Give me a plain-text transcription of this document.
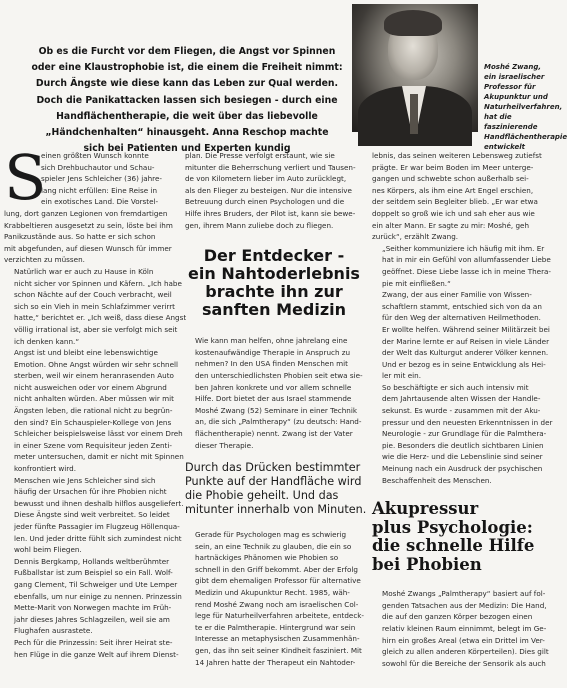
Moshé Zwang, ein israelischer Professor für Akupunktur und Naturheilverfahren, hat die faszinierende Handflächentherapie entwickelt
Ob es die Furcht vor dem Fliegen, die Angst vor Spinnen
oder eine Klaustrophobie ist, die einem die Freiheit nimmt:
Durch Ängste wie diese kann das Leben zur Qual werden.
Doch die Panikattacken lassen sich besiegen - durch eine
Handflächentherapie, die weit über das liebevolle
„Händchenhalten“ hinausgeht. Anna Reschop machte
sich bei Patienten und Experten kundig
S

einen größten Wunsch konnte
sich Drehbuchautor und Schau-
spieler Jens Schleicher (36) jahre-
lang nicht erfüllen: Eine Reise in
ein exotisches Land. Die Vorstel-
lung, dort ganzen Legionen von fremdartigen
Krabbeltieren ausgesetzt zu sein, löste bei ihm
Panikzustände aus. So hatte er sich schon
mit abgefunden, auf diesen Wunsch für immer
verzichten zu müssen.

Natürlich war er auch zu Hause in Köln
nicht sicher vor Spinnen und Käfern. „Ich habe
schon Nächte auf der Couch verbracht, weil
sich so ein Vieh in mein Schlafzimmer verirrt
hatte,“ berichtet er. „Ich weiß, dass diese Angst
völlig irrational ist, aber sie verfolgt mich seit
ich denken kann.“

Angst ist und bleibt eine lebenswichtige
Emotion. Ohne Angst würden wir sehr schnell
sterben, weil wir einem heranrasenden Auto
nicht ausweichen oder vor einem Abgrund
nicht anhalten würden. Aber müssen wir mit
Ängsten leben, die rational nicht zu begrün-
den sind? Ein Schauspieler-Kollege von Jens
Schleicher beispielsweise lässt vor einem Dreh
in einer Szene vom Requisiteur jeden Zenti-
meter untersuchen, damit er nicht mit Spinnen
konfrontiert wird.

Menschen wie Jens Schleicher sind sich
häufig der Ursachen für ihre Phobien nicht
bewusst und ihnen deshalb hilflos ausgeliefert.
Diese Ängste sind weit verbreitet. So leidet
jeder fünfte Passagier im Flugzeug Höllenqua-
len. Und jeder dritte fühlt sich zumindest nicht
wohl beim Fliegen.

Dennis Bergkamp, Hollands weltberühmter
Fußballstar ist zum Beispiel so ein Fall. Wolf-
gang Clement, Til Schweiger und Ute Lemper
ebenfalls, um nur einige zu nennen. Prinzessin
Mette-Marit von Norwegen machte im Früh-
jahr dieses Jahres Schlagzeilen, weil sie am
Flughafen ausrastete.

Pech für die Prinzessin: Seit ihrer Heirat ste-
hen Flüge in die ganze Welt auf ihrem Dienst-

plan. Die Presse verfolgt erstaunt, wie sie
mitunter die Beherrschung verliert und Tausen-
de von Kilometern lieber im Auto zurücklegt,
als den Flieger zu besteigen. Nur die intensive
Betreuung durch einen Psychologen und die
Hilfe ihres Bruders, der Pilot ist, kann sie bewe-
gen, ihrem Mann zuliebe doch zu fliegen.

Der Entdecker -
ein Nahtoderlebnis
brachte ihn zur
sanften Medizin

Wie kann man helfen, ohne jahrelang eine
kostenaufwändige Therapie in Anspruch zu
nehmen? In den USA finden Menschen mit
den unterschiedlichsten Phobien seit etwa sie-
ben Jahren konkrete und vor allem schnelle
Hilfe. Dort bietet der aus Israel stammende
Moshé Zwang (52) Seminare in einer Technik
an, die sich „Palmtherapy“ (zu deutsch: Hand-
flächentherapie) nennt. Zwang ist der Vater
dieser Therapie.

Durch das Drücken bestimmter
Punkte auf der Handfläche wird
die Phobie geheilt. Und das
mitunter innerhalb von Minuten.

Gerade für Psychologen mag es schwierig
sein, an eine Technik zu glauben, die ein so
hartnäckiges Phänomen wie Phobien so
schnell in den Griff bekommt. Aber der Erfolg
gibt dem ehemaligen Professor für alternative
Medizin und Akupunktur Recht. 1985, wäh-
rend Moshé Zwang noch am israelischen Col-
lege für Naturheilverfahren arbeitete, entdeck-
te er die Palmtherapie. Hintergrund war sein
Interesse an metaphysischen Zusammenhän-
gen, das ihn seit seiner Kindheit fasziniert. Mit
14 Jahren hatte der Therapeut ein Nahtoder-

lebnis, das seinen weiteren Lebensweg zutiefst
prägte. Er war beim Boden im Meer unterge-
gangen und schwebte schon außerhalb sei-
nes Körpers, als ihm eine Art Engel erschien,
der seitdem sein Begleiter blieb. „Er war etwa
doppelt so groß wie ich und sah eher aus wie
ein alter Mann. Er sagte zu mir: Moshé, geh
zurück“, erzählt Zwang.

„Seither kommuniziere ich häufig mit ihm. Er
hat in mir ein Gefühl von allumfassender Liebe
geöffnet. Diese Liebe lasse ich in meine Thera-
pie mit einfließen.“

Zwang, der aus einer Familie von Wissen-
schaftlern stammt, entschied sich von da an
für den Weg der alternativen Heilmethoden.
Er wollte helfen. Während seiner Militärzeit bei
der Marine lernte er auf Reisen in viele Länder
der Welt das Kulturgut anderer Völker kennen.
Und er bezog es in seine Entwicklung als Hei-
ler mit ein.

So beschäftigte er sich auch intensiv mit
dem Jahrtausende alten Wissen der Handle-
sekunst. Es wurde - zusammen mit der Aku-
pressur und den neuesten Erkenntnissen in der
Neurologie - zur Grundlage für die Palmthera-
pie. Besonders die deutlich sichtbaren Linien
wie die Herz- und die Lebenslinie sind seiner
Meinung nach ein Ausdruck der psychischen
Beschaffenheit des Menschen.

Akupressur
plus Psychologie:
die schnelle Hilfe
bei Phobien

Moshé Zwangs „Palmtherapy“ basiert auf fol-
genden Tatsachen aus der Medizin: Die Hand,
die auf den ganzen Körper bezogen einen
relativ kleinen Raum einnimmt, belegt im Ge-
hirn ein großes Areal (etwa ein Drittel im Ver-
gleich zu allen anderen Körperteilen). Dies gilt
sowohl für die Bereiche der Sensorik als auch
